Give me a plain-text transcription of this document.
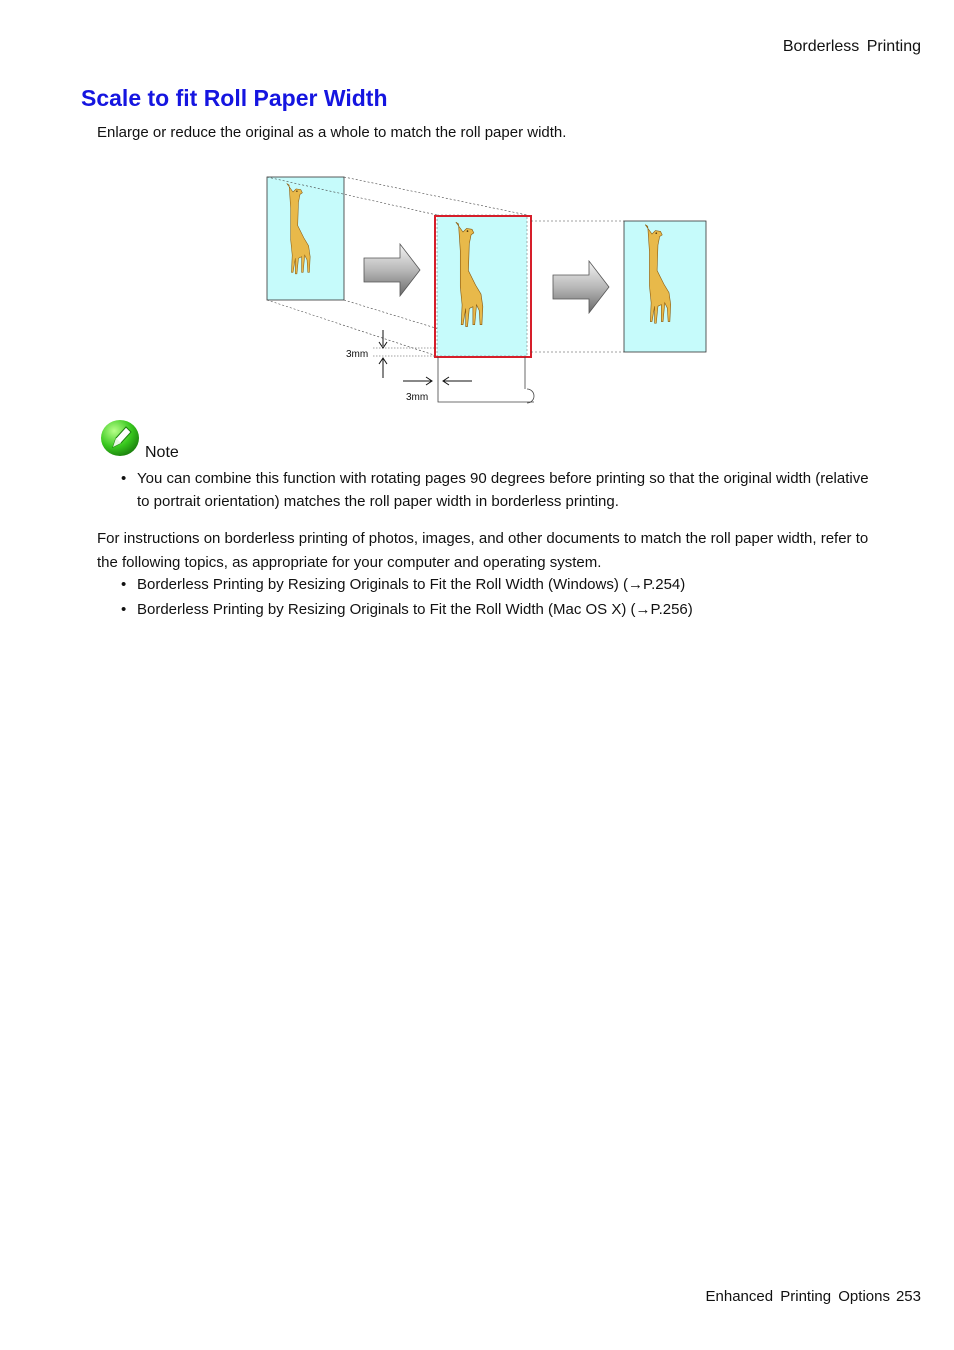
Borderless Printing
Scale to fit Roll Paper Width
Enlarge or reduce the original as a whole to match the roll paper width.
3mm
3mm
Note
• You can combine this function with rotating pages 90 degrees before printing so that the original width (relative to portrait orientation) matches the roll paper width in borderless printing.
For instructions on borderless printing of photos, images, and other documents to match the roll paper width, refer to the following topics, as appropriate for your computer and operating system.
• Borderless Printing by Resizing Originals to Fit the Roll Width (Windows) (→P.254)
• Borderless Printing by Resizing Originals to Fit the Roll Width (Mac OS X) (→P.256)
Enhanced Printing Options 253
